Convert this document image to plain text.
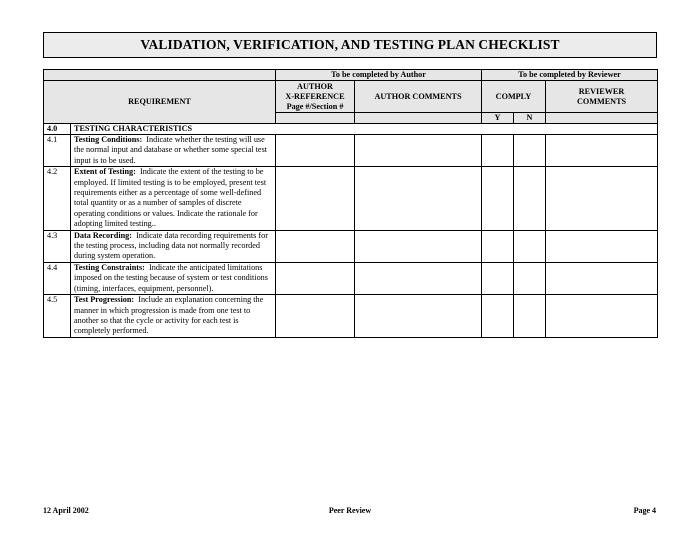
VALIDATION, VERIFICATION, AND TESTING PLAN CHECKLIST
		To be completed by Author		To be completed by Reviewer		
REQUIREMENT		AUTHOR
X-REFERENCE
Page #/Section #	AUTHOR COMMENTS	COMPLY		REVIEWER
COMMENTS
				Y	N	
4.0	TESTING CHARACTERISTICS					
4.1	Testing Conditions: Indicate whether the testing will use the normal input and database or whether some special test input is to be used.					
4.2	Extent of Testing: Indicate the extent of the testing to be employed. If limited testing is to be employed, present test requirements either as a percentage of some well-defined total quantity or as a number of samples of discrete operating conditions or values. Indicate the rationale for adopting limited testing..					
4.3	Data Recording: Indicate data recording requirements for the testing process, including data not normally recorded during system operation.					
4.4	Testing Constraints: Indicate the anticipated limitations imposed on the testing because of system or test conditions (timing, interfaces, equipment, personnel).					
4.5	Test Progression: Include an explanation concerning the manner in which progression is made from one test to another so that the cycle or activity for each test is completely performed.					
12 April 2002	Peer Review	Page 4
